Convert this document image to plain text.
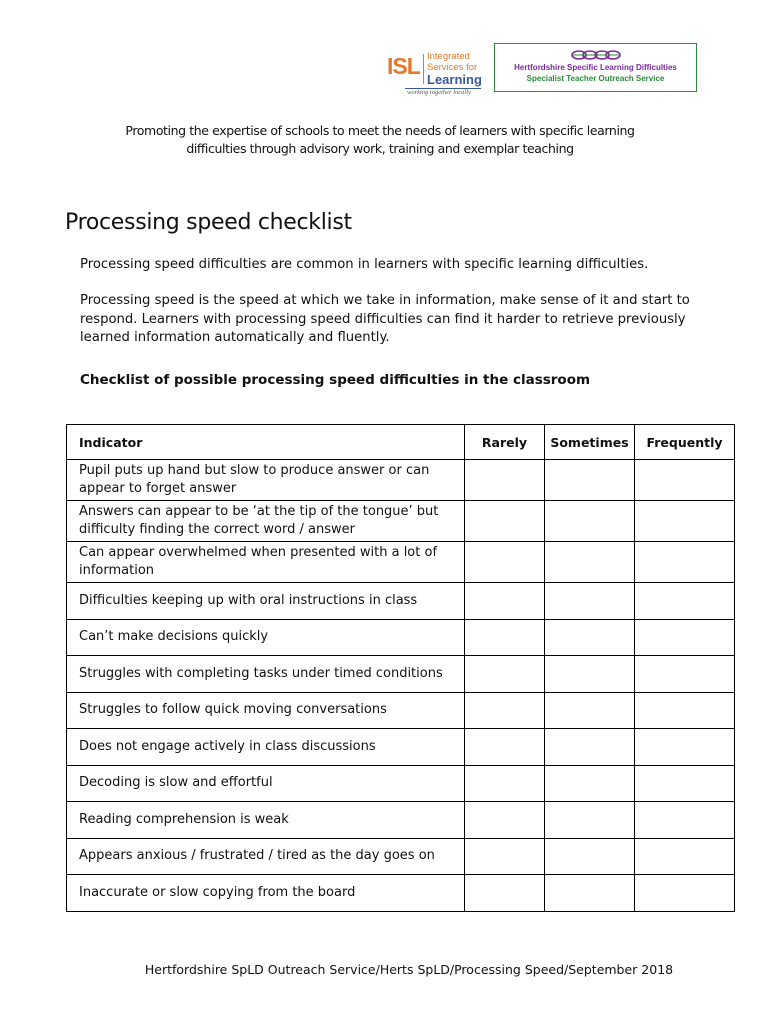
ISL Integrated
Services for
Learning
working together locally
Hertfordshire Specific Learning Difficulties
Specialist Teacher Outreach Service
Promoting the expertise of schools to meet the needs of learners with specific learning difficulties through advisory work, training and exemplar teaching
Processing speed checklist
Processing speed difficulties are common in learners with specific learning difficulties.
Processing speed is the speed at which we take in information, make sense of it and start to respond. Learners with processing speed difficulties can find it harder to retrieve previously learned information automatically and fluently.
Checklist of possible processing speed difficulties in the classroom
Indicator	Rarely	Sometimes	Frequently
Pupil puts up hand but slow to produce answer or can appear to forget answer			
Answers can appear to be ‘at the tip of the tongue’ but difficulty finding the correct word / answer			
Can appear overwhelmed when presented with a lot of information			
Difficulties keeping up with oral instructions in class			
Can’t make decisions quickly			
Struggles with completing tasks under timed conditions			
Struggles to follow quick moving conversations			
Does not engage actively in class discussions			
Decoding is slow and effortful			
Reading comprehension is weak			
Appears anxious / frustrated / tired as the day goes on			
Inaccurate or slow copying from the board			
Hertfordshire SpLD Outreach Service/Herts SpLD/Processing Speed/September 2018
